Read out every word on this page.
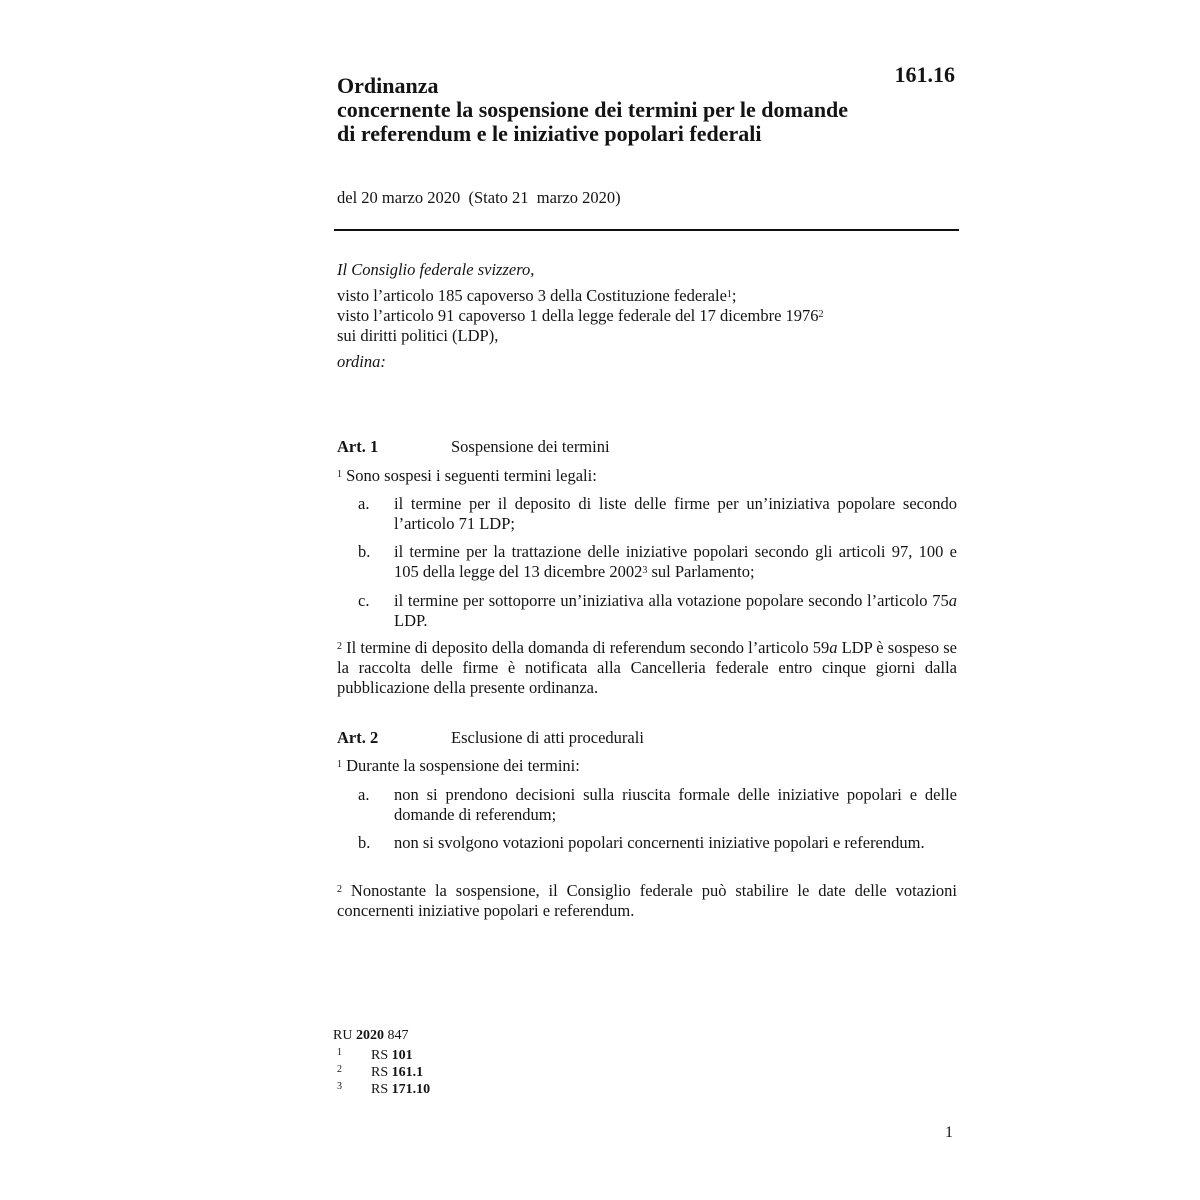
Ordinanza
concernente la sospensione dei termini per le domande
di referendum e le iniziative popolari federali
161.16
del 20 marzo 2020  (Stato 21  marzo 2020)
Il Consiglio federale svizzero,
visto l’articolo 185 capoverso 3 della Costituzione federale$^1$;
visto l’articolo 91 capoverso 1 della legge federale del 17 dicembre 1976$^2$
sui diritti politici (LDP),
ordina:
Art. 1	Sospensione dei termini
$^1$ Sono sospesi i seguenti termini legali:
a. il termine per il deposito di liste delle firme per un’iniziativa popolare secondo l’articolo 71 LDP;
b. il termine per la trattazione delle iniziative popolari secondo gli articoli 97, 100 e 105 della legge del 13 dicembre 2002$^3$ sul Parlamento;
c. il termine per sottoporre un’iniziativa alla votazione popolare secondo l’articolo 75a LDP.
$^2$ Il termine di deposito della domanda di referendum secondo l’articolo 59a LDP è sospeso se la raccolta delle firme è notificata alla Cancelleria federale entro cinque giorni dalla pubblicazione della presente ordinanza.
Art. 2	Esclusione di atti procedurali
$^1$ Durante la sospensione dei termini:
a. non si prendono decisioni sulla riuscita formale delle iniziative popolari e delle domande di referendum;
b. non si svolgono votazioni popolari concernenti iniziative popolari e referendum.
$^2$ Nonostante la sospensione, il Consiglio federale può stabilire le date delle votazioni concernenti iniziative popolari e referendum.
RU 2020 847
1 RS 101
2 RS 161.1
3 RS 171.10
1
